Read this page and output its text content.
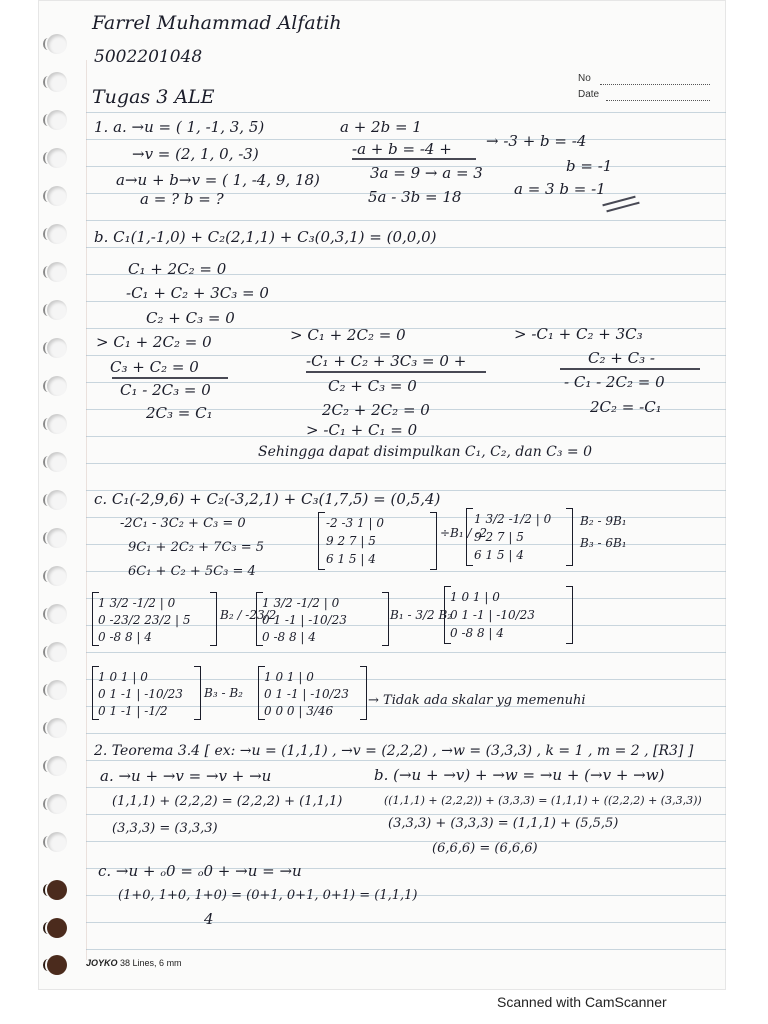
Farrel Muhammad Alfatih
5002201048
No
Date
Tugas 3 ALE
1. a. →u = ( 1, -1, 3, 5)
→v = (2, 1, 0, -3)
a→u + b→v = ( 1, -4, 9, 18)
a = ? b = ?
a + 2b = 1
-a + b = -4 +
3a = 9 → a = 3
5a - 3b = 18
→ -3 + b = -4
b = -1
a = 3 b = -1
b. C₁(1,-1,0) + C₂(2,1,1) + C₃(0,3,1) = (0,0,0)
C₁ + 2C₂ = 0
-C₁ + C₂ + 3C₃ = 0
C₂ + C₃ = 0
> C₁ + 2C₂ = 0
C₃ + C₂ = 0
C₁ - 2C₃ = 0
2C₃ = C₁
> C₁ + 2C₂ = 0
-C₁ + C₂ + 3C₃ = 0 +
C₂ + C₃ = 0
2C₂ + 2C₂ = 0
> -C₁ + C₁ = 0
> -C₁ + C₂ + 3C₃
C₂ + C₃ -
- C₁ - 2C₂ = 0
2C₂ = -C₁
Sehingga dapat disimpulkan C₁, C₂, dan C₃ = 0
c. C₁(-2,9,6) + C₂(-3,2,1) + C₃(1,7,5) = (0,5,4)
-2C₁ - 3C₂ + C₃ = 0
9C₁ + 2C₂ + 7C₃ = 5
6C₁ + C₂ + 5C₃ = 4
-2 -3 1 | 0
9 2 7 | 5
6 1 5 | 4
÷B₁ / -2
1 3/2 -1/2 | 0
9 2 7 | 5
6 1 5 | 4
B₂ - 9B₁
B₃ - 6B₁
1 3/2 -1/2 | 0
0 -23/2 23/2 | 5
0 -8 8 | 4
B₂ / -23/2
1 3/2 -1/2 | 0
0 1 -1 | -10/23
0 -8 8 | 4
B₁ - 3/2 B₂
1 0 1 | 0
0 1 -1 | -10/23
0 -8 8 | 4
1 0 1 | 0
0 1 -1 | -10/23
0 1 -1 | -1/2
B₃ - B₂
1 0 1 | 0
0 1 -1 | -10/23
0 0 0 | 3/46
→ Tidak ada skalar yg memenuhi
2. Teorema 3.4 [ ex: →u = (1,1,1) , →v = (2,2,2) , →w = (3,3,3) , k = 1 , m = 2 , [R3] ]
a. →u + →v = →v + →u
(1,1,1) + (2,2,2) = (2,2,2) + (1,1,1)
(3,3,3) = (3,3,3)
b. (→u + →v) + →w = →u + (→v + →w)
((1,1,1) + (2,2,2)) + (3,3,3) = (1,1,1) + ((2,2,2) + (3,3,3))
(3,3,3) + (3,3,3) = (1,1,1) + (5,5,5)
(6,6,6) = (6,6,6)
c. →u + ₒ0 = ₒ0 + →u = →u
(1+0, 1+0, 1+0) = (0+1, 0+1, 0+1) = (1,1,1)
4
JOYKO 38 Lines, 6 mm
Scanned with CamScanner
